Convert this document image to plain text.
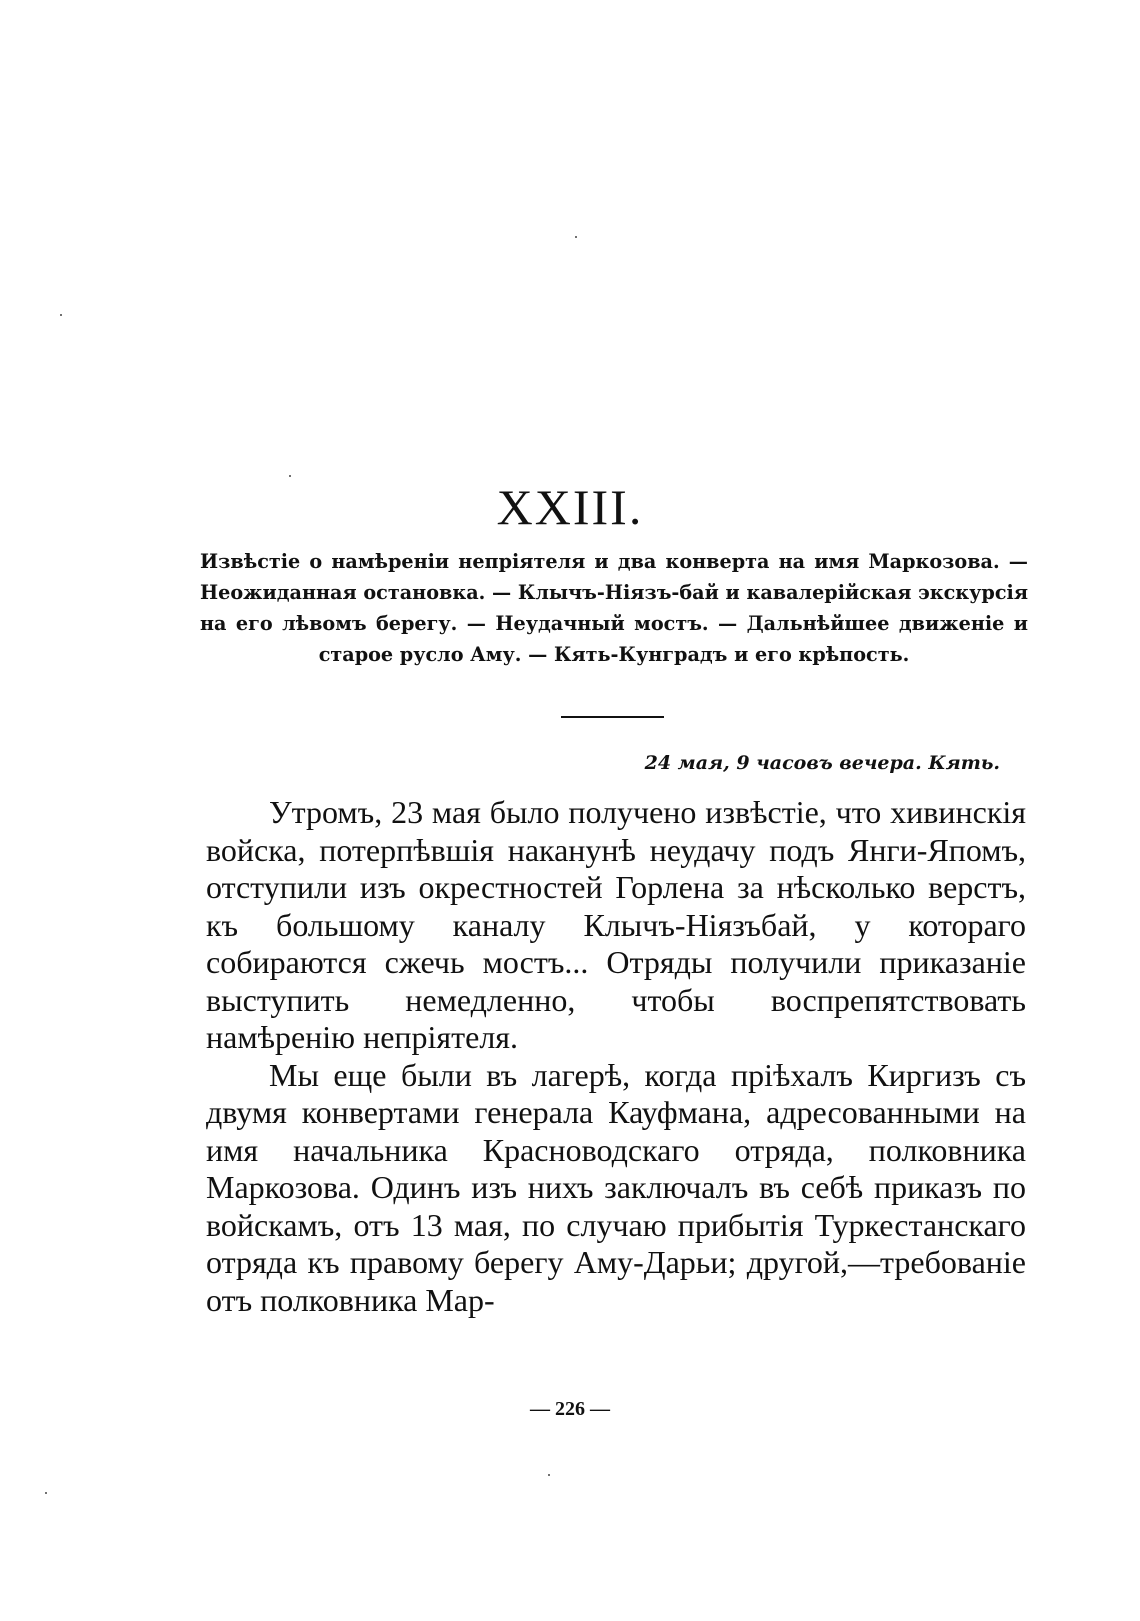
XXIII.

Извѣстіе о намѣреніи непріятеля и два конверта на имя Маркозова. — Неожиданная остановка. — Клычъ-Ніязъ-бай и кавалерійская экскурсія на его лѣвомъ берегу. — Неудачный мостъ. — Дальнѣйшее движеніе и старое русло Аму. — Кять-Кунградъ и его крѣпость.

24 мая, 9 часовъ вечера. Кять.

Утромъ, 23 мая было получено извѣстіе, что хивинскія войска, потерпѣвшія наканунѣ неудачу подъ Янги-Япомъ, отступили изъ окрестностей Горлена за нѣсколько верстъ, къ большому каналу Клычъ-Ніязъбай, у котораго собираются сжечь мостъ... Отряды получили приказаніе выступить немедленно, чтобы воспрепятствовать намѣренію непріятеля.

Мы еще были въ лагерѣ, когда пріѣхалъ Киргизъ съ двумя конвертами генерала Кауфмана, адресованными на имя начальника Красноводскаго отряда, полковника Маркозова. Одинъ изъ нихъ заключалъ въ себѣ приказъ по войскамъ, отъ 13 мая, по случаю прибытія Туркестанскаго отряда къ правому берегу Аму-Дарьи; другой,—требованіе отъ полковника Мар-

— 226 —
